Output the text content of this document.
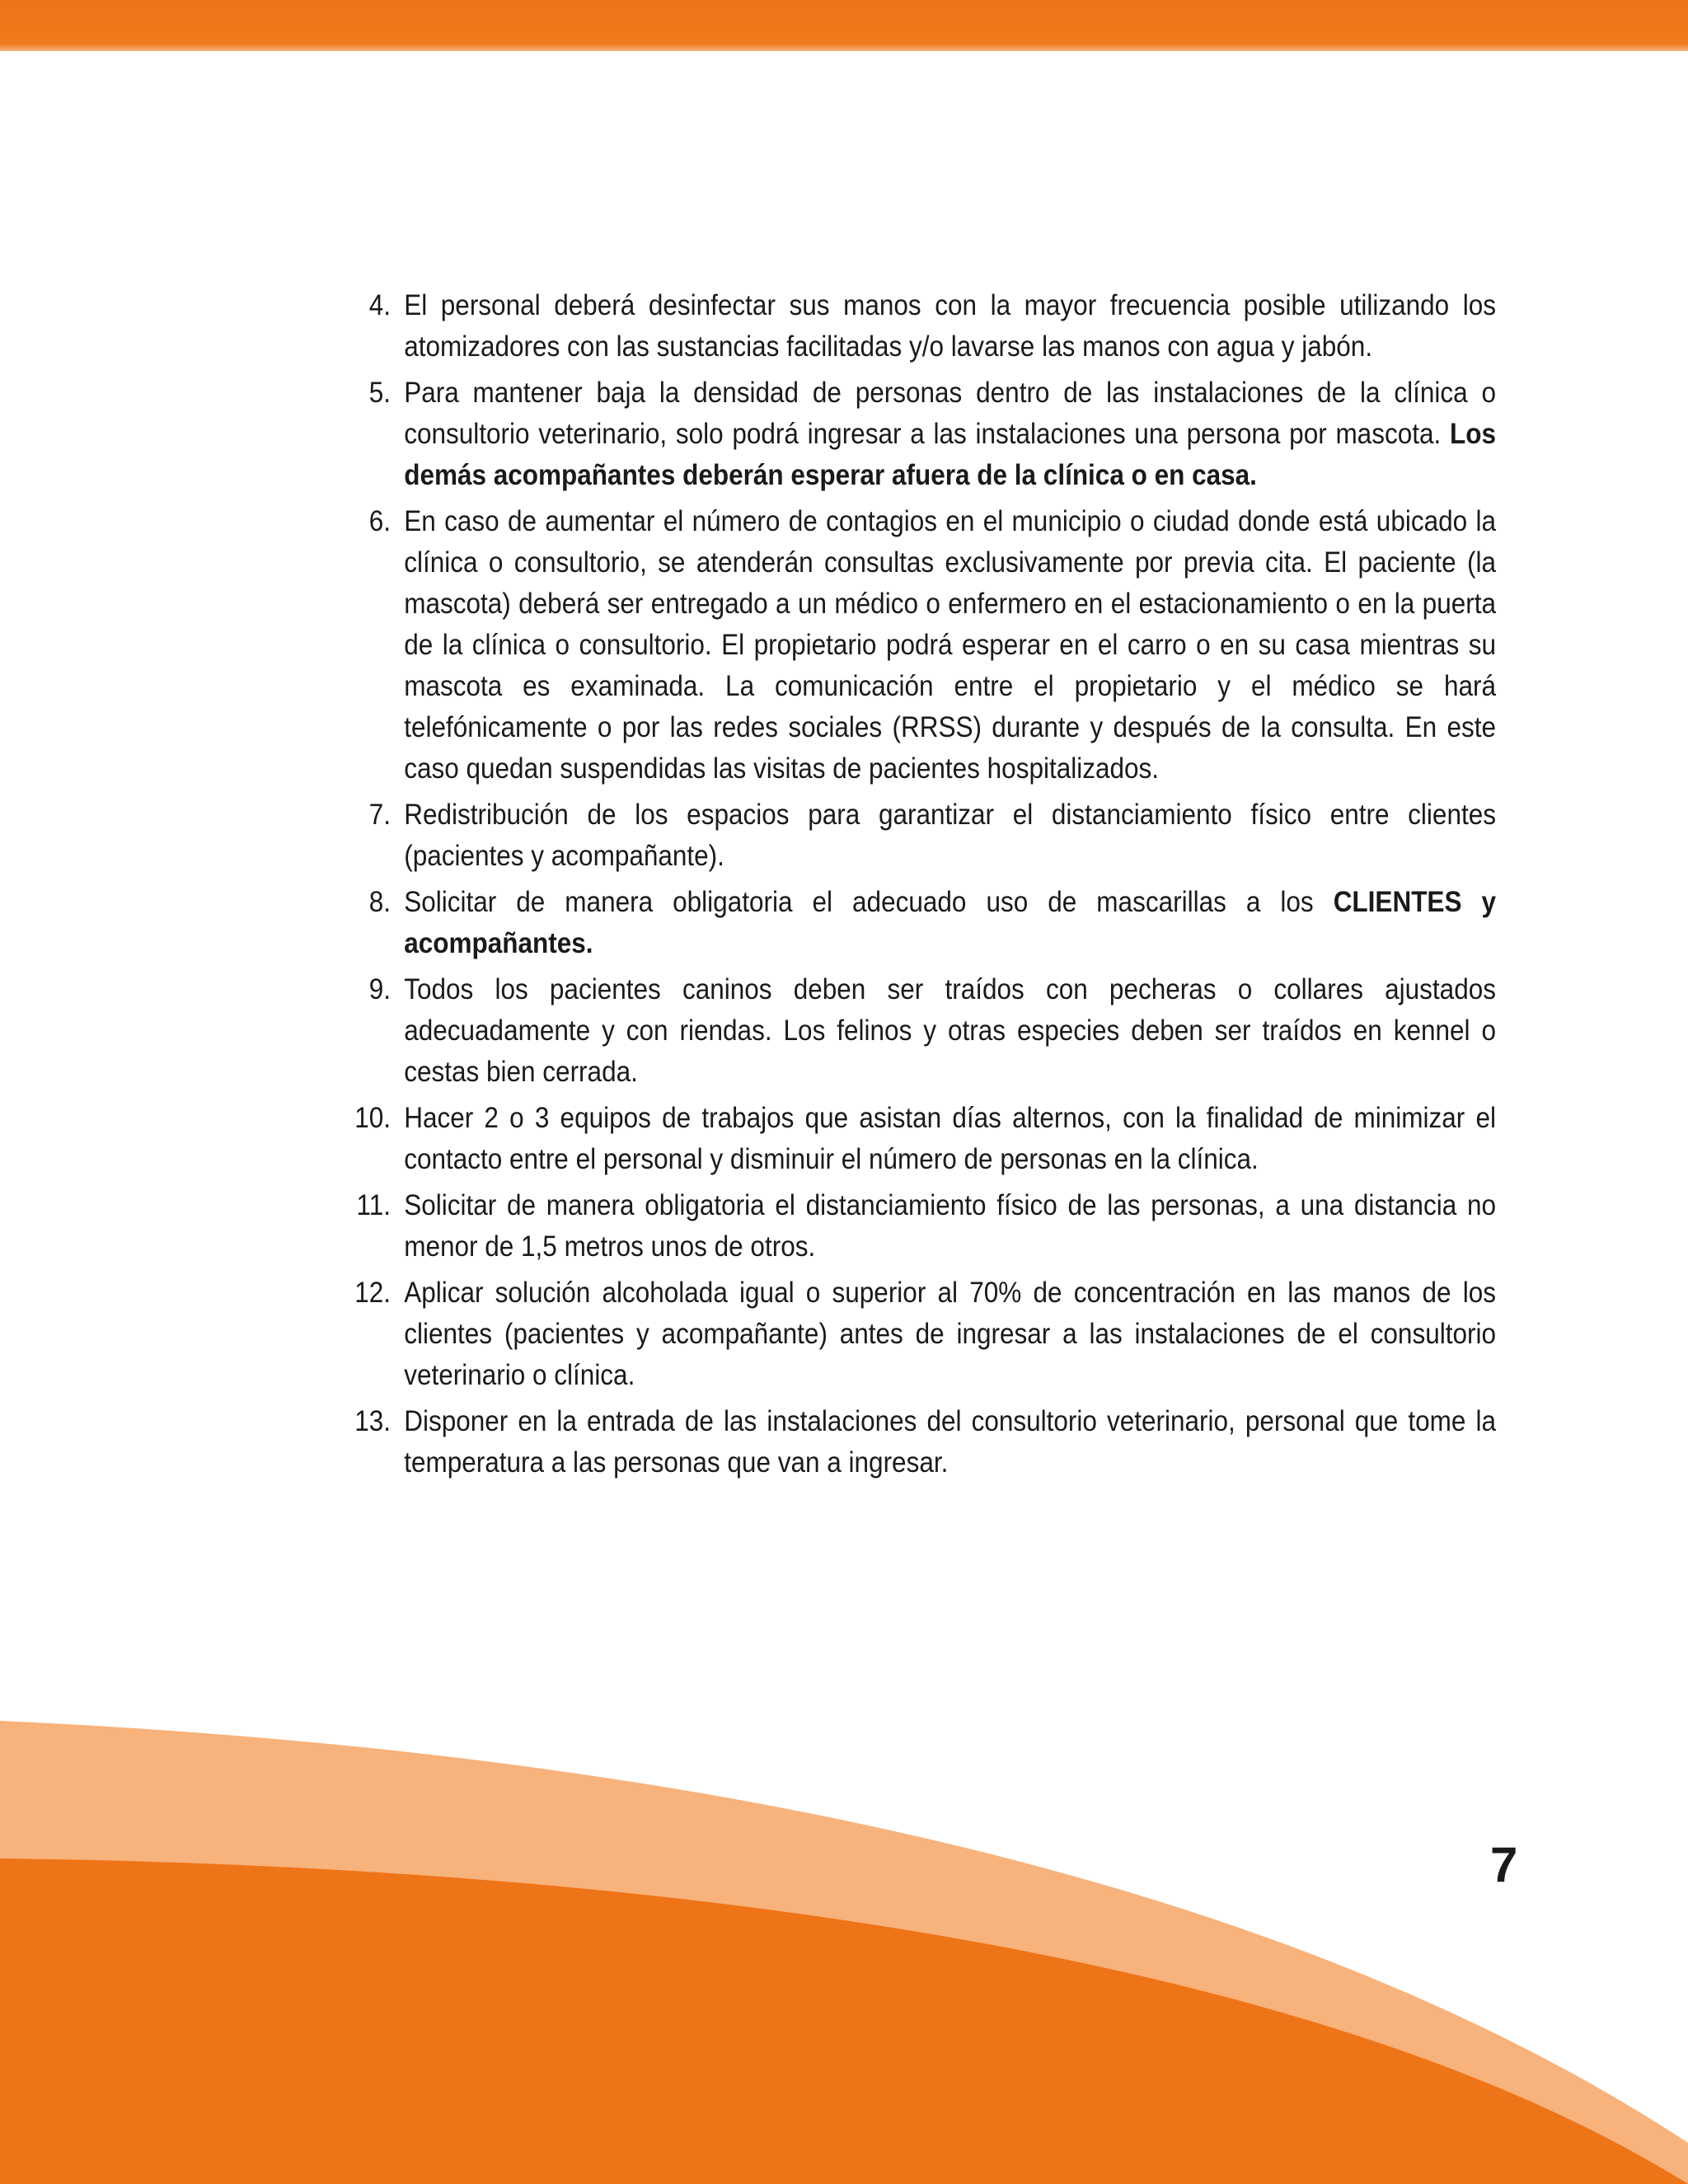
4. El personal deberá desinfectar sus manos con la mayor frecuencia posible utilizando los atomizadores con las sustancias facilitadas y/o lavarse las manos con agua y jabón.
5. Para mantener baja la densidad de personas dentro de las instalaciones de la clínica o consultorio veterinario, solo podrá ingresar a las instalaciones una persona por mascota. Los demás acompañantes deberán esperar afuera de la clínica o en casa.
6. En caso de aumentar el número de contagios en el municipio o ciudad donde está ubicado la clínica o consultorio, se atenderán consultas exclusivamente por previa cita. El paciente (la mascota) deberá ser entregado a un médico o enfermero en el estacionamiento o en la puerta de la clínica o consultorio. El propietario podrá esperar en el carro o en su casa mientras su mascota es examinada. La comunicación entre el propietario y el médico se hará telefónicamente o por las redes sociales (RRSS) durante y después de la consulta. En este caso quedan suspendidas las visitas de pacientes hospitalizados.
7. Redistribución de los espacios para garantizar el distanciamiento físico entre clientes (pacientes y acompañante).
8. Solicitar de manera obligatoria el adecuado uso de mascarillas a los CLIENTES y acompañantes.
9. Todos los pacientes caninos deben ser traídos con pecheras o collares ajustados adecuadamente y con riendas. Los felinos y otras especies deben ser traídos en kennel o cestas bien cerrada.
10. Hacer 2 o 3 equipos de trabajos que asistan días alternos, con la finalidad de minimizar el contacto entre el personal y disminuir el número de personas en la clínica.
11. Solicitar de manera obligatoria el distanciamiento físico de las personas, a una distancia no menor de 1,5 metros unos de otros.
12. Aplicar solución alcoholada igual o superior al 70% de concentración en las manos de los clientes (pacientes y acompañante) antes de ingresar a las instalaciones de el consultorio veterinario o clínica.
13. Disponer en la entrada de las instalaciones del consultorio veterinario, personal que tome la temperatura a las personas que van a ingresar.
7
